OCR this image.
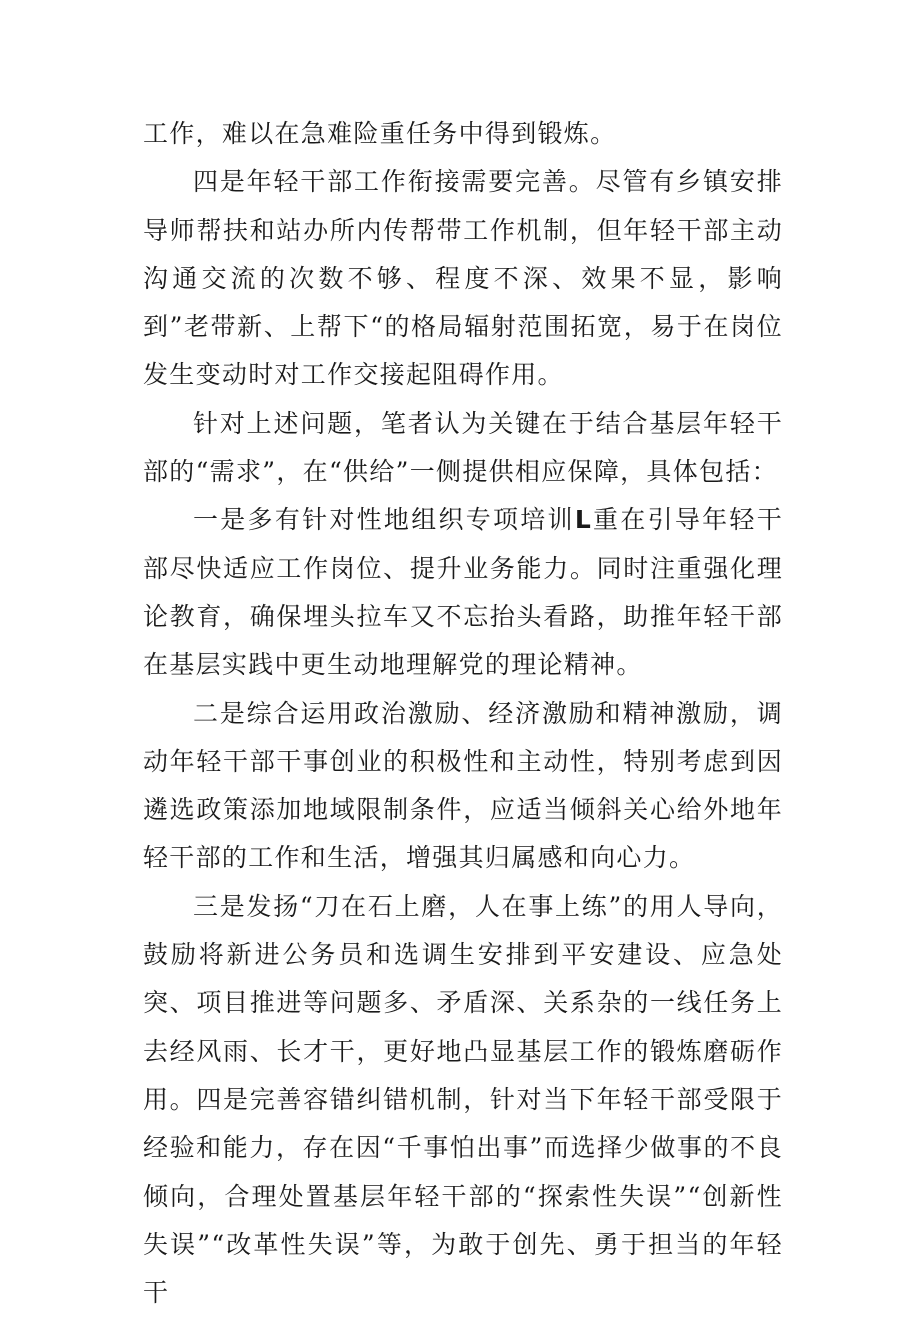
工作，难以在急难险重任务中得到锻炼。

四是年轻干部工作衔接需要完善。尽管有乡镇安排导师帮扶和站办所内传帮带工作机制，但年轻干部主动沟通交流的次数不够、程度不深、效果不显，影响到”老带新、上帮下“的格局辐射范围拓宽，易于在岗位发生变动时对工作交接起阻碍作用。

针对上述问题，笔者认为关键在于结合基层年轻干部的“需求”，在“供给”一侧提供相应保障，具体包括：

一是多有针对性地组织专项培训L重在引导年轻干部尽快适应工作岗位、提升业务能力。同时注重强化理论教育，确保埋头拉车又不忘抬头看路，助推年轻干部在基层实践中更生动地理解党的理论精神。

二是综合运用政治激励、经济激励和精神激励，调动年轻干部干事创业的积极性和主动性，特别考虑到因遴选政策添加地域限制条件，应适当倾斜关心给外地年轻干部的工作和生活，增强其归属感和向心力。

三是发扬“刀在石上磨，人在事上练”的用人导向，鼓励将新进公务员和选调生安排到平安建设、应急处突、项目推进等问题多、矛盾深、关系杂的一线任务上去经风雨、长才干，更好地凸显基层工作的锻炼磨砺作用。四是完善容错纠错机制，针对当下年轻干部受限于经验和能力，存在因“千事怕出事”而选择少做事的不良倾向，合理处置基层年轻干部的“探索性失误”“创新性失误”“改革性失误”等，为敢于创先、勇于担当的年轻干
